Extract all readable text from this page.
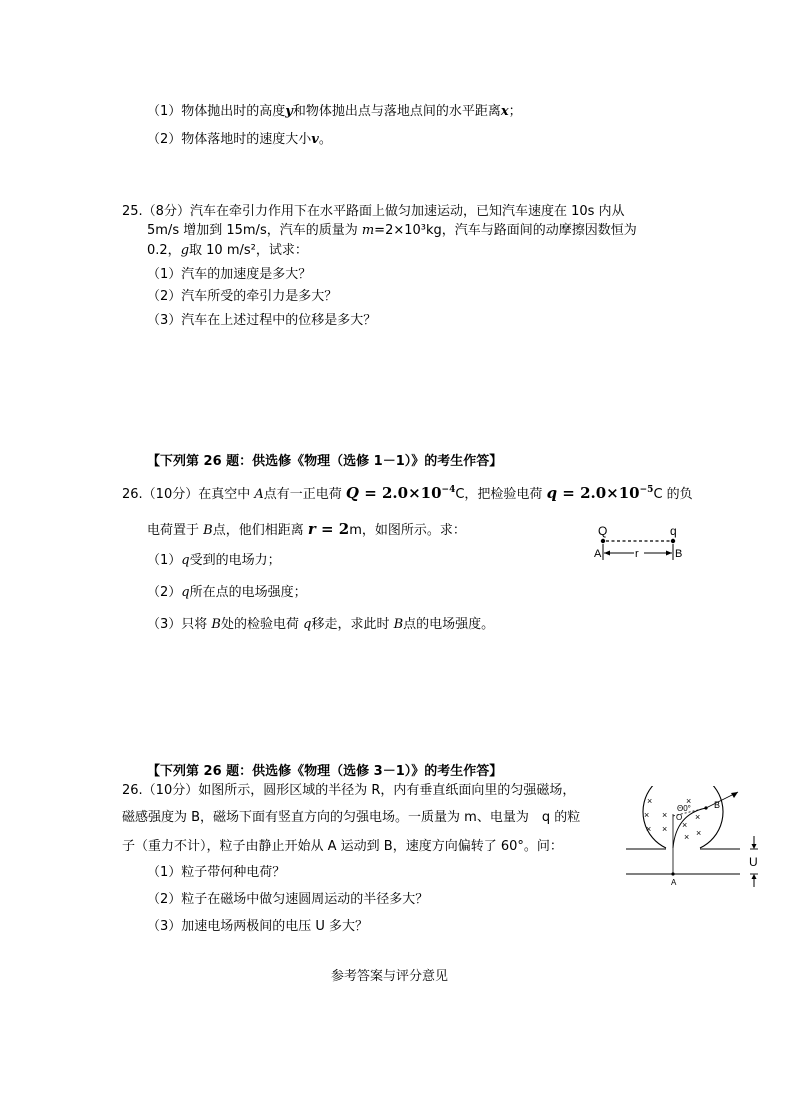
（1）物体抛出时的高度y和物体抛出点与落地点间的水平距离x；
（2）物体落地时的速度大小v。
25.（8分）汽车在牵引力作用下在水平路面上做匀加速运动，已知汽车速度在 10s 内从
5m/s 增加到 15m/s，汽车的质量为 m=2×10³kg，汽车与路面间的动摩擦因数恒为
0.2，g取 10 m/s²，试求：
（1）汽车的加速度是多大？
（2）汽车所受的牵引力是多大？
（3）汽车在上述过程中的位移是多大？
【下列第 26 题：供选修《物理（选修 1－1）》的考生作答】
26.（10分）在真空中 A点有一正电荷 $Q = 2.0\times 10^{-4}C$，把检验电荷 $q = 2.0\times 10^{-5}C$ 的负
电荷置于 B点，他们相距离 r = 2m，如图所示。求：
（1）q受到的电场力；
（2）q所在点的电场强度；
（3）只将 B处的检验电荷 q移走，求此时 B点的电场强度。
Q	q
A	B
r
【下列第 26 题：供选修《物理（选修 3－1）》的考生作答】
26.（10分）如图所示，圆形区域的半径为 R，内有垂直纸面向里的匀强磁场，
磁感强度为 B，磁场下面有竖直方向的匀强电场。一质量为 m、电量为　q 的粒
子（重力不计），粒子由静止开始从 A 运动到 B，速度方向偏转了 60°。问：
（1）粒子带何种电荷？
（2）粒子在磁场中做匀速圆周运动的半径多大？
（3）加速电场两极间的电压 U 多大？
Θ0°
O
B
A
×	×
× ×
×
×
× ×
× ×
U
参考答案与评分意见
